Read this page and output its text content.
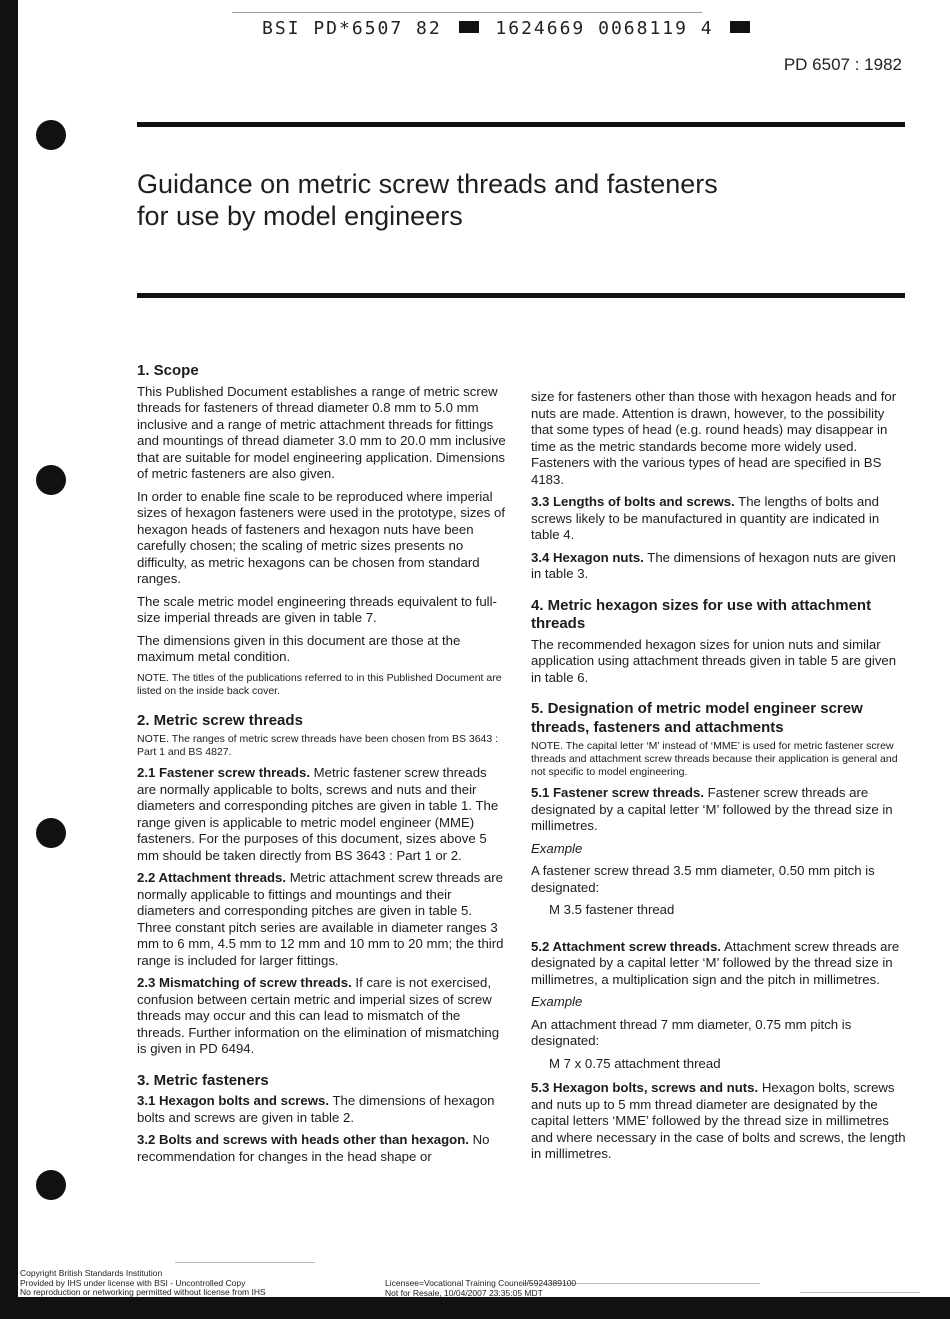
BSI PD*6507 82	1624669 0068119 4
PD 6507 : 1982
Guidance on metric screw threads and fasteners
for use by model engineers
1. Scope

This Published Document establishes a range of metric screw threads for fasteners of thread diameter 0.8 mm to 5.0 mm inclusive and a range of metric attachment threads for fittings and mountings of thread diameter 3.0 mm to 20.0 mm inclusive that are suitable for model engineering application. Dimensions of metric fasteners are also given.

In order to enable fine scale to be reproduced where imperial sizes of hexagon fasteners were used in the prototype, sizes of hexagon heads of fasteners and hexagon nuts have been carefully chosen; the scaling of metric sizes presents no difficulty, as metric hexagons can be chosen from standard ranges.

The scale metric model engineering threads equivalent to full-size imperial threads are given in table 7.

The dimensions given in this document are those at the maximum metal condition.

NOTE. The titles of the publications referred to in this Published Document are listed on the inside back cover.

2. Metric screw threads

NOTE. The ranges of metric screw threads have been chosen from BS 3643 : Part 1 and BS 4827.

2.1 Fastener screw threads. Metric fastener screw threads are normally applicable to bolts, screws and nuts and their diameters and corresponding pitches are given in table 1. The range given is applicable to metric model engineer (MME) fasteners. For the purposes of this document, sizes above 5 mm should be taken directly from BS 3643 : Part 1 or 2.

2.2 Attachment threads. Metric attachment screw threads are normally applicable to fittings and mountings and their diameters and corresponding pitches are given in table 5. Three constant pitch series are available in diameter ranges 3 mm to 6 mm, 4.5 mm to 12 mm and 10 mm to 20 mm; the third range is included for larger fittings.

2.3 Mismatching of screw threads. If care is not exercised, confusion between certain metric and imperial sizes of screw threads may occur and this can lead to mismatch of the threads. Further information on the elimination of mismatching is given in PD 6494.

3. Metric fasteners

3.1 Hexagon bolts and screws. The dimensions of hexagon bolts and screws are given in table 2.

3.2 Bolts and screws with heads other than hexagon. No recommendation for changes in the head shape or

size for fasteners other than those with hexagon heads and for nuts are made. Attention is drawn, however, to the possibility that some types of head (e.g. round heads) may disappear in time as the metric standards become more widely used. Fasteners with the various types of head are specified in BS 4183.

3.3 Lengths of bolts and screws. The lengths of bolts and screws likely to be manufactured in quantity are indicated in table 4.

3.4 Hexagon nuts. The dimensions of hexagon nuts are given in table 3.

4. Metric hexagon sizes for use with attachment threads

The recommended hexagon sizes for union nuts and similar application using attachment threads given in table 5 are given in table 6.

5. Designation of metric model engineer screw threads, fasteners and attachments

NOTE. The capital letter ‘M’ instead of ‘MME’ is used for metric fastener screw threads and attachment screw threads because their application is general and not specific to model engineering.

5.1 Fastener screw threads. Fastener screw threads are designated by a capital letter ‘M’ followed by the thread size in millimetres.

Example

A fastener screw thread 3.5 mm diameter, 0.50 mm pitch is designated:

M 3.5 fastener thread

5.2 Attachment screw threads. Attachment screw threads are designated by a capital letter ‘M’ followed by the thread size in millimetres, a multiplication sign and the pitch in millimetres.

Example

An attachment thread 7 mm diameter, 0.75 mm pitch is designated:

M 7 x 0.75 attachment thread

5.3 Hexagon bolts, screws and nuts. Hexagon bolts, screws and nuts up to 5 mm thread diameter are designated by the capital letters ‘MME’ followed by the thread size in millimetres and where necessary in the case of bolts and screws, the length in millimetres.

Copyright British Standards Institution
Provided by IHS under license with BSI - Uncontrolled Copy
No reproduction or networking permitted without license from IHS
Licensee=Vocational Training Council/5924389100
Not for Resale, 10/04/2007 23:35:05 MDT
